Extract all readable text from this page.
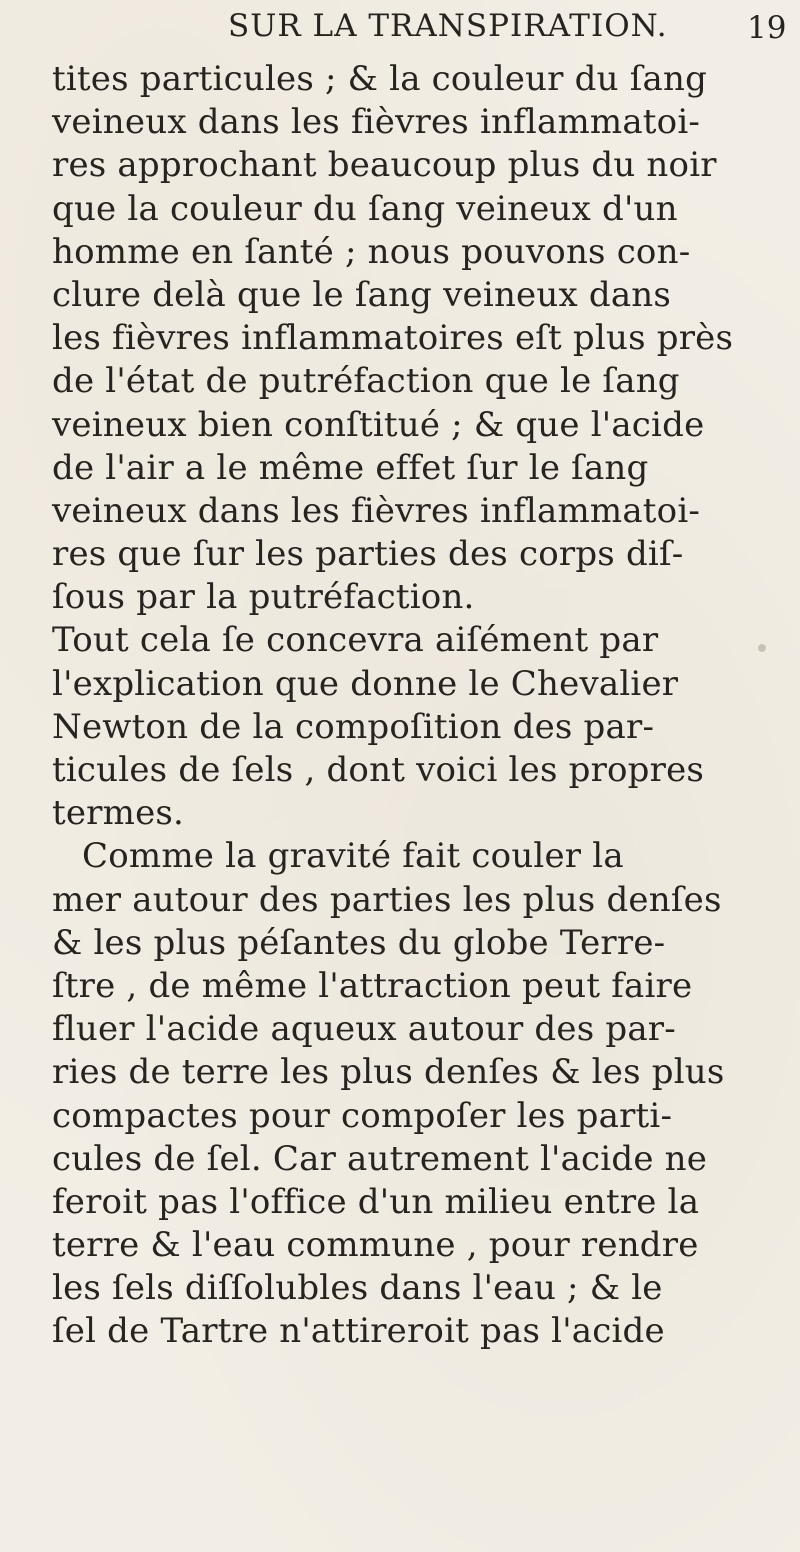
SUR LA TRANSPIRATION.	19
tites particules ; & la couleur du ſang
veineux dans les fièvres inflammatoi-
res approchant beaucoup plus du noir
que la couleur du ſang veineux d'un
homme en ſanté ; nous pouvons con-
clure delà que le ſang veineux dans
les fièvres inflammatoires eſt plus près
de l'état de putréfaction que le ſang
veineux bien conſtitué ; & que l'acide
de l'air a le même effet ſur le ſang
veineux dans les fièvres inflammatoi-
res que ſur les parties des corps diſ-
ſous par la putréfaction.
Tout cela ſe concevra aiſément par
l'explication que donne le Chevalier
Newton de la compoſition des par-
ticules de ſels , dont voici les propres
termes.
Comme la gravité fait couler la
mer autour des parties les plus denſes
& les plus péſantes du globe Terre-
ſtre , de même l'attraction peut faire
fluer l'acide aqueux autour des par-
ries de terre les plus denſes & les plus
compactes pour compoſer les parti-
cules de ſel. Car autrement l'acide ne
feroit pas l'office d'un milieu entre la
terre & l'eau commune , pour rendre
les ſels diſſolubles dans l'eau ; & le
ſel de Tartre n'attireroit pas l'acide
